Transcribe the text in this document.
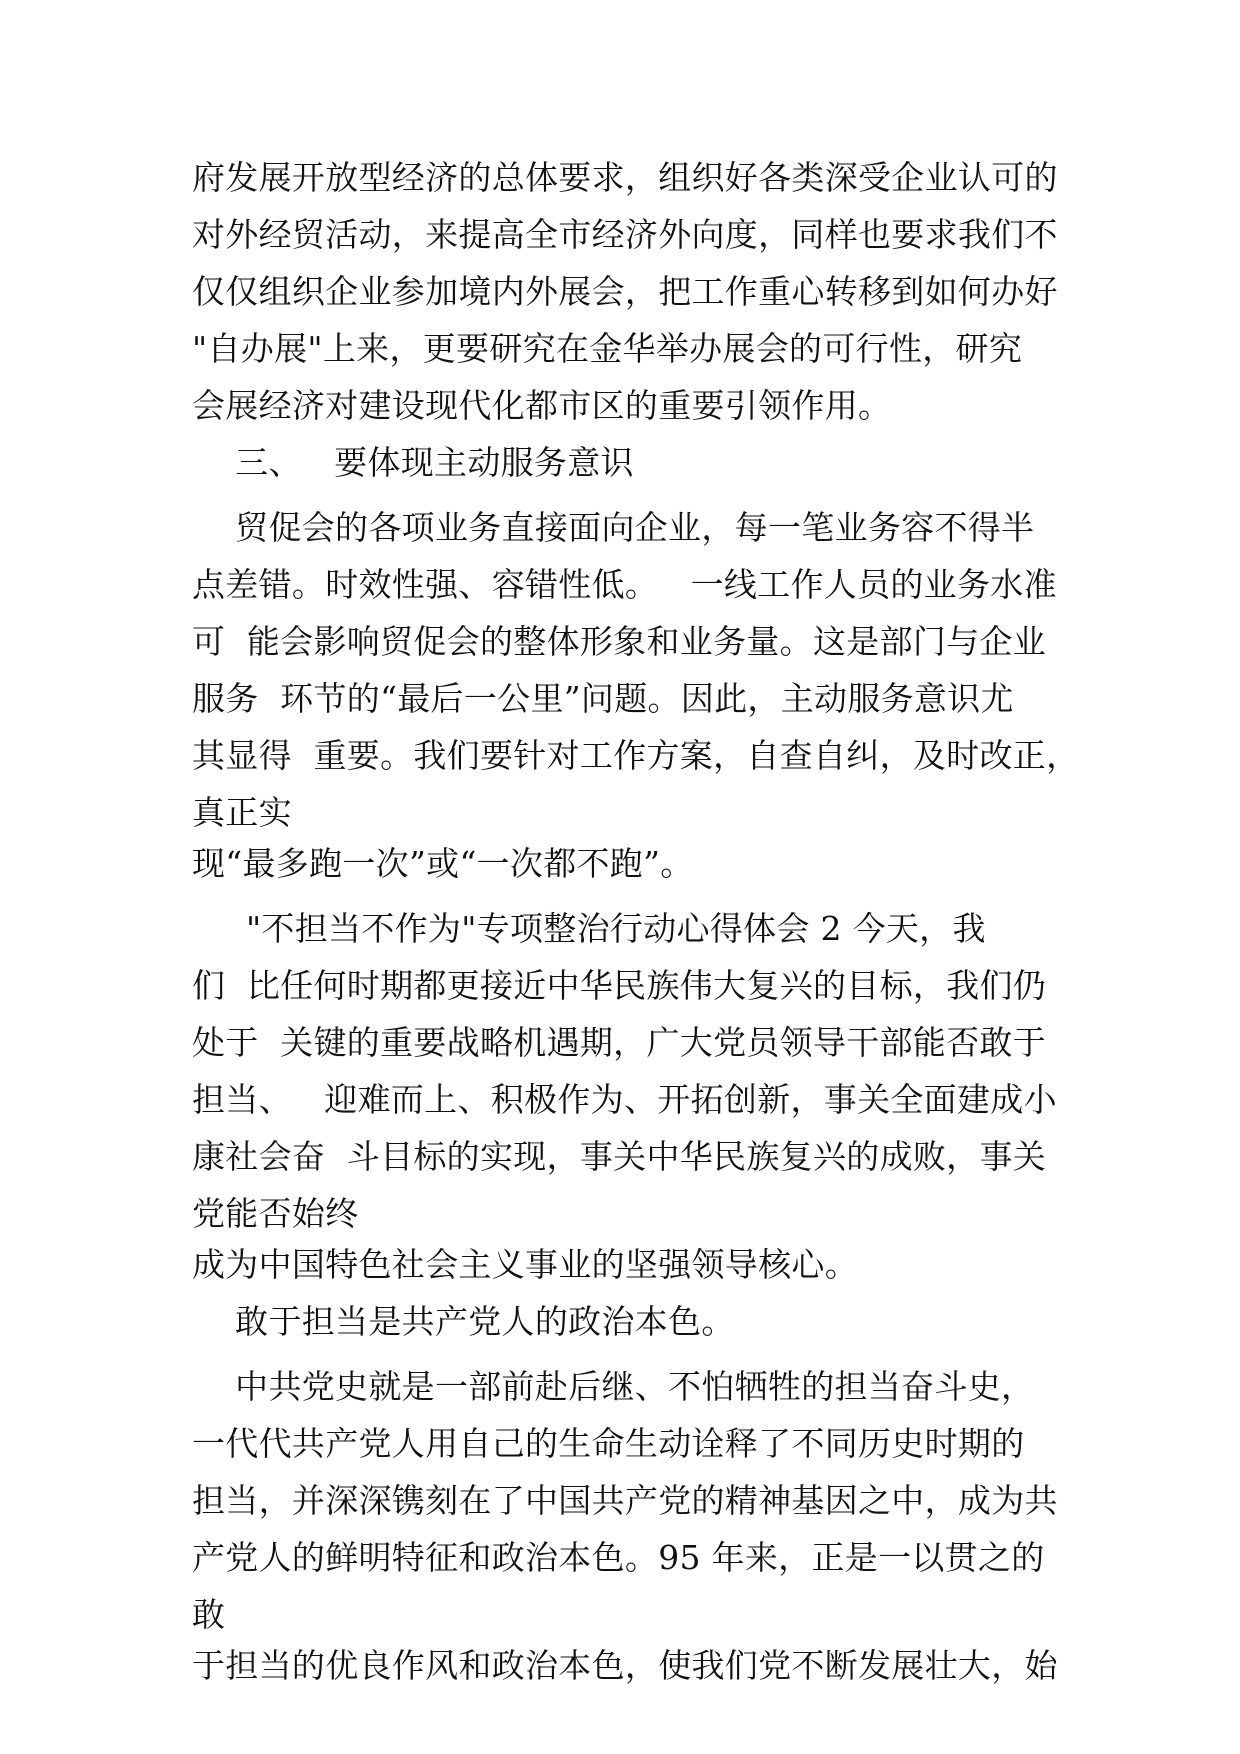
府发展开放型经济的总体要求，组织好各类深受企业认可的
对外经贸活动，来提高全市经济外向度，同样也要求我们不
仅仅组织企业参加境内外展会，把工作重心转移到如何办好
"自办展"上来，更要研究在金华举办展会的可行性，研究
会展经济对建设现代化都市区的重要引领作用。
三、   要体现主动服务意识
贸促会的各项业务直接面向企业，每一笔业务容不得半
点差错。时效性强、容错性低。   一线工作人员的业务水准
可  能会影响贸促会的整体形象和业务量。这是部门与企业
服务  环节的“最后一公里”问题。因此，主动服务意识尤
其显得  重要。我们要针对工作方案，自查自纠，及时改正，
真正实
现“最多跑一次”或“一次都不跑”。
"不担当不作为"专项整治行动心得体会 2 今天，我
们  比任何时期都更接近中华民族伟大复兴的目标，我们仍
处于  关键的重要战略机遇期，广大党员领导干部能否敢于
担当、   迎难而上、积极作为、开拓创新，事关全面建成小
康社会奋  斗目标的实现，事关中华民族复兴的成败，事关
党能否始终
成为中国特色社会主义事业的坚强领导核心。
敢于担当是共产党人的政治本色。
中共党史就是一部前赴后继、不怕牺牲的担当奋斗史，
一代代共产党人用自己的生命生动诠释了不同历史时期的
担当，并深深镌刻在了中国共产党的精神基因之中，成为共
产党人的鲜明特征和政治本色。95 年来，正是一以贯之的
敢
于担当的优良作风和政治本色，使我们党不断发展壮大，始
